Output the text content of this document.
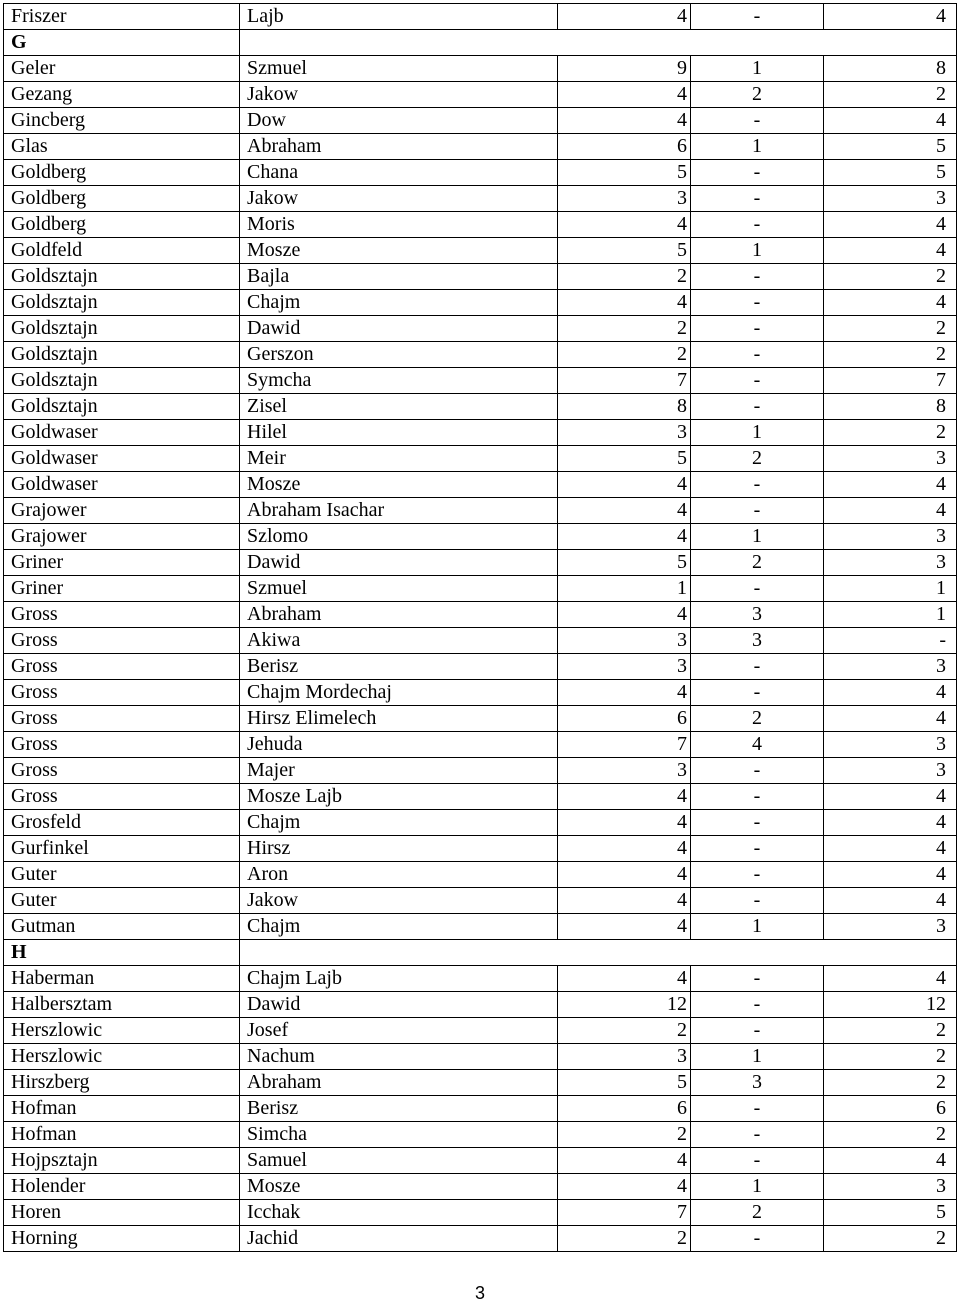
Friszer	Lajb	4	-	4
G				
Geler	Szmuel	9	1	8
Gezang	Jakow	4	2	2
Gincberg	Dow	4	-	4
Glas	Abraham	6	1	5
Goldberg	Chana	5	-	5
Goldberg	Jakow	3	-	3
Goldberg	Moris	4	-	4
Goldfeld	Mosze	5	1	4
Goldsztajn	Bajla	2	-	2
Goldsztajn	Chajm	4	-	4
Goldsztajn	Dawid	2	-	2
Goldsztajn	Gerszon	2	-	2
Goldsztajn	Symcha	7	-	7
Goldsztajn	Zisel	8	-	8
Goldwaser	Hilel	3	1	2
Goldwaser	Meir	5	2	3
Goldwaser	Mosze	4	-	4
Grajower	Abraham Isachar	4	-	4
Grajower	Szlomo	4	1	3
Griner	Dawid	5	2	3
Griner	Szmuel	1	-	1
Gross	Abraham	4	3	1
Gross	Akiwa	3	3	-
Gross	Berisz	3	-	3
Gross	Chajm Mordechaj	4	-	4
Gross	Hirsz Elimelech	6	2	4
Gross	Jehuda	7	4	3
Gross	Majer	3	-	3
Gross	Mosze Lajb	4	-	4
Grosfeld	Chajm	4	-	4
Gurfinkel	Hirsz	4	-	4
Guter	Aron	4	-	4
Guter	Jakow	4	-	4
Gutman	Chajm	4	1	3
H				
Haberman	Chajm Lajb	4	-	4
Halbersztam	Dawid	12	-	12
Herszlowic	Josef	2	-	2
Herszlowic	Nachum	3	1	2
Hirszberg	Abraham	5	3	2
Hofman	Berisz	6	-	6
Hofman	Simcha	2	-	2
Hojpsztajn	Samuel	4	-	4
Holender	Mosze	4	1	3
Horen	Icchak	7	2	5
Horning	Jachid	2	-	2
3
